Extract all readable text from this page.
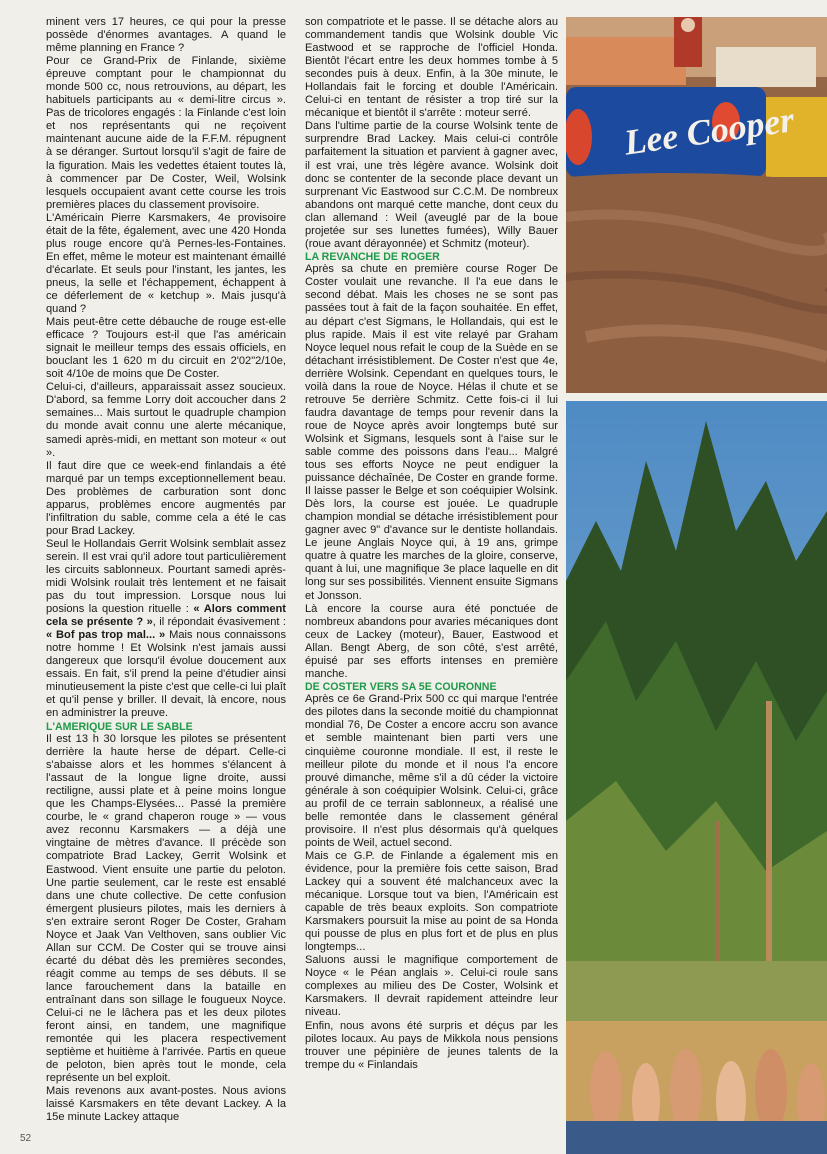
minent vers 17 heures, ce qui pour la presse possède d'énormes avantages. A quand le même planning en France ?

Pour ce Grand-Prix de Finlande, sixième épreuve comptant pour le championnat du monde 500 cc, nous retrouvions, au départ, les habituels participants au « demi-litre circus ». Pas de tricolores engagés : la Finlande c'est loin et nos représentants qui ne reçoivent maintenant aucune aide de la F.F.M. répugnent à se déranger. Surtout lorsqu'il s'agit de faire de la figuration. Mais les vedettes étaient toutes là, à commencer par De Coster, Weil, Wolsink lesquels occupaient avant cette course les trois premières places du classement provisoire.

L'Américain Pierre Karsmakers, 4e provisoire était de la fête, également, avec une 420 Honda plus rouge encore qu'à Pernes-les-Fontaines. En effet, même le moteur est maintenant émaillé d'écarlate. Et seuls pour l'instant, les jantes, les pneus, la selle et l'échappement, échappent à ce déferlement de « ketchup ». Mais jusqu'à quand ?

Mais peut-être cette débauche de rouge est-elle efficace ? Toujours est-il que l'as américain signait le meilleur temps des essais officiels, en bouclant les 1 620 m du circuit en 2'02"2/10e, soit 4/10e de moins que De Coster.

Celui-ci, d'ailleurs, apparaissait assez soucieux. D'abord, sa femme Lorry doit accoucher dans 2 semaines... Mais surtout le quadruple champion du monde avait connu une alerte mécanique, samedi après-midi, en mettant son moteur « out ».

Il faut dire que ce week-end finlandais a été marqué par un temps exceptionnellement beau. Des problèmes de carburation sont donc apparus, problèmes encore augmentés par l'infiltration du sable, comme cela a été le cas pour Brad Lackey.

Seul le Hollandais Gerrit Wolsink semblait assez serein. Il est vrai qu'il adore tout particulièrement les circuits sablonneux. Pourtant samedi après-midi Wolsink roulait très lentement et ne faisait pas du tout impression. Lorsque nous lui posions la question rituelle : « Alors comment cela se présente ? », il répondait évasivement : « Bof pas trop mal... » Mais nous connaissons notre homme ! Et Wolsink n'est jamais aussi dangereux que lorsqu'il évolue doucement aux essais. En fait, s'il prend la peine d'étudier ainsi minutieusement la piste c'est que celle-ci lui plaît et qu'il pense y briller. Il devait, là encore, nous en administrer la preuve.

L'AMERIQUE SUR LE SABLE

Il est 13 h 30 lorsque les pilotes se présentent derrière la haute herse de départ. Celle-ci s'abaisse alors et les hommes s'élancent à l'assaut de la longue ligne droite, aussi rectiligne, aussi plate et à peine moins longue que les Champs-Elysées... Passé la première courbe, le « grand chaperon rouge » — vous avez reconnu Karsmakers — a déjà une vingtaine de mètres d'avance. Il précède son compatriote Brad Lackey, Gerrit Wolsink et Eastwood. Vient ensuite une partie du peloton. Une partie seulement, car le reste est ensablé dans une chute collective. De cette confusion émergent plusieurs pilotes, mais les derniers à s'en extraire seront Roger De Coster, Graham Noyce et Jaak Van Velthoven, sans oublier Vic Allan sur CCM. De Coster qui se trouve ainsi écarté du débat dès les premières secondes, réagit comme au temps de ses débuts. Il se lance farouchement dans la bataille en entraînant dans son sillage le fougueux Noyce. Celui-ci ne le lâchera pas et les deux pilotes feront ainsi, en tandem, une magnifique remontée qui les placera respectivement septième et huitième à l'arrivée. Partis en queue de peloton, bien après tout le monde, cela représente un bel exploit.

Mais revenons aux avant-postes. Nous avions laissé Karsmakers en tête devant Lackey. A la 15e minute Lackey attaque

son compatriote et le passe. Il se détache alors au commandement tandis que Wolsink double Vic Eastwood et se rapproche de l'officiel Honda. Bientôt l'écart entre les deux hommes tombe à 5 secondes puis à deux. Enfin, à la 30e minute, le Hollandais fait le forcing et double l'Américain. Celui-ci en tentant de résister a trop tiré sur la mécanique et bientôt il s'arrête : moteur serré.

Dans l'ultime partie de la course Wolsink tente de surprendre Brad Lackey. Mais celui-ci contrôle parfaitement la situation et parvient à gagner avec, il est vrai, une très légère avance. Wolsink doit donc se contenter de la seconde place devant un surprenant Vic Eastwood sur C.C.M. De nombreux abandons ont marqué cette manche, dont ceux du clan allemand : Weil (aveuglé par de la boue projetée sur ses lunettes fumées), Willy Bauer (roue avant dérayonnée) et Schmitz (moteur).

LA REVANCHE DE ROGER

Après sa chute en première course Roger De Coster voulait une revanche. Il l'a eue dans le second débat. Mais les choses ne se sont pas passées tout à fait de la façon souhaitée. En effet, au départ c'est Sigmans, le Hollandais, qui est le plus rapide. Mais il est vite relayé par Graham Noyce lequel nous refait le coup de la Suède en se détachant irrésistiblement. De Coster n'est que 4e, derrière Wolsink. Cependant en quelques tours, le voilà dans la roue de Noyce. Hélas il chute et se retrouve 5e derrière Schmitz. Cette fois-ci il lui faudra davantage de temps pour revenir dans la roue de Noyce après avoir longtemps buté sur Wolsink et Sigmans, lesquels sont à l'aise sur le sable comme des poissons dans l'eau... Malgré tous ses efforts Noyce ne peut endiguer la puissance déchaînée, De Coster en grande forme. Il laisse passer le Belge et son coéquipier Wolsink. Dès lors, la course est jouée. Le quadruple champion mondial se détache irrésistiblement pour gagner avec 9" d'avance sur le dentiste hollandais. Le jeune Anglais Noyce qui, à 19 ans, grimpe quatre à quatre les marches de la gloire, conserve, quant à lui, une magnifique 3e place laquelle en dit long sur ses possibilités. Viennent ensuite Sigmans et Jonsson.

Là encore la course aura été ponctuée de nombreux abandons pour avaries mécaniques dont ceux de Lackey (moteur), Bauer, Eastwood et Allan. Bengt Aberg, de son côté, s'est arrêté, épuisé par ses efforts intenses en première manche.

DE COSTER VERS SA 5E COURONNE

Après ce 6e Grand-Prix 500 cc qui marque l'entrée des pilotes dans la seconde moitié du championnat mondial 76, De Coster a encore accru son avance et semble maintenant bien parti vers une cinquième couronne mondiale. Il est, il reste le meilleur pilote du monde et il nous l'a encore prouvé dimanche, même s'il a dû céder la victoire générale à son coéquipier Wolsink. Celui-ci, grâce au profil de ce terrain sablonneux, a réalisé une belle remontée dans le classement général provisoire. Il n'est plus désormais qu'à quelques points de Weil, actuel second.

Mais ce G.P. de Finlande a également mis en évidence, pour la première fois cette saison, Brad Lackey qui a souvent été malchanceux avec la mécanique. Lorsque tout va bien, l'Américain est capable de très beaux exploits. Son compatriote Karsmakers poursuit la mise au point de sa Honda qui pousse de plus en plus fort et de plus en plus longtemps...

Saluons aussi le magnifique comportement de Noyce « le Péan anglais ». Celui-ci roule sans complexes au milieu des De Coster, Wolsink et Karsmakers. Il devrait rapidement atteindre leur niveau.

Enfin, nous avons été surpris et déçus par les pilotes locaux. Au pays de Mikkola nous pensions trouver une pépinière de jeunes talents de la trempe du « Finlandais

52
Lee Cooper
